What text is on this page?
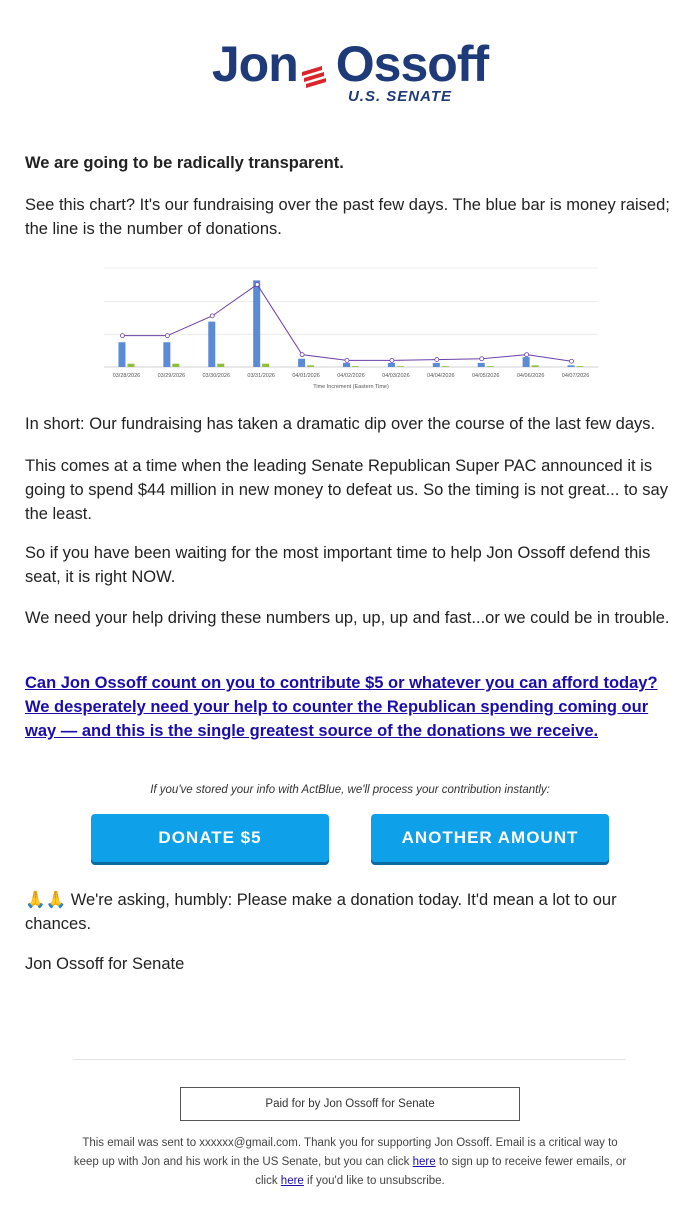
Jon Ossoff
U.S. SENATE

We are going to be radically transparent.

See this chart? It's our fundraising over the past few days. The blue bar is money raised; the line is the number of donations.

03/28/2026	03/29/2026	03/30/2026	03/31/2026	04/01/2026	04/02/2026	04/03/2026	04/04/2026	04/05/2026	04/06/2026	04/07/2026
Time Increment (Eastern Time)

In short: Our fundraising has taken a dramatic dip over the course of the last few days.

This comes at a time when the leading Senate Republican Super PAC announced it is going to spend $44 million in new money to defeat us. So the timing is not great... to say the least.

So if you have been waiting for the most important time to help Jon Ossoff defend this seat, it is right NOW.

We need your help driving these numbers up, up, up and fast...or we could be in trouble.

Can Jon Ossoff count on you to contribute $5 or whatever you can afford today? We desperately need your help to counter the Republican spending coming our way — and this is the single greatest source of the donations we receive.
If you've stored your info with ActBlue, we'll process your contribution instantly:
DONATE $5	ANOTHER AMOUNT

🙏🙏 We're asking, humbly: Please make a donation today. It'd mean a lot to our chances.

Jon Ossoff for Senate

Paid for by Jon Ossoff for Senate
This email was sent to xxxxxx@gmail.com. Thank you for supporting Jon Ossoff. Email is a critical way to keep up with Jon and his work in the US Senate, but you can click here to sign up to receive fewer emails, or click here if you'd like to unsubscribe.
